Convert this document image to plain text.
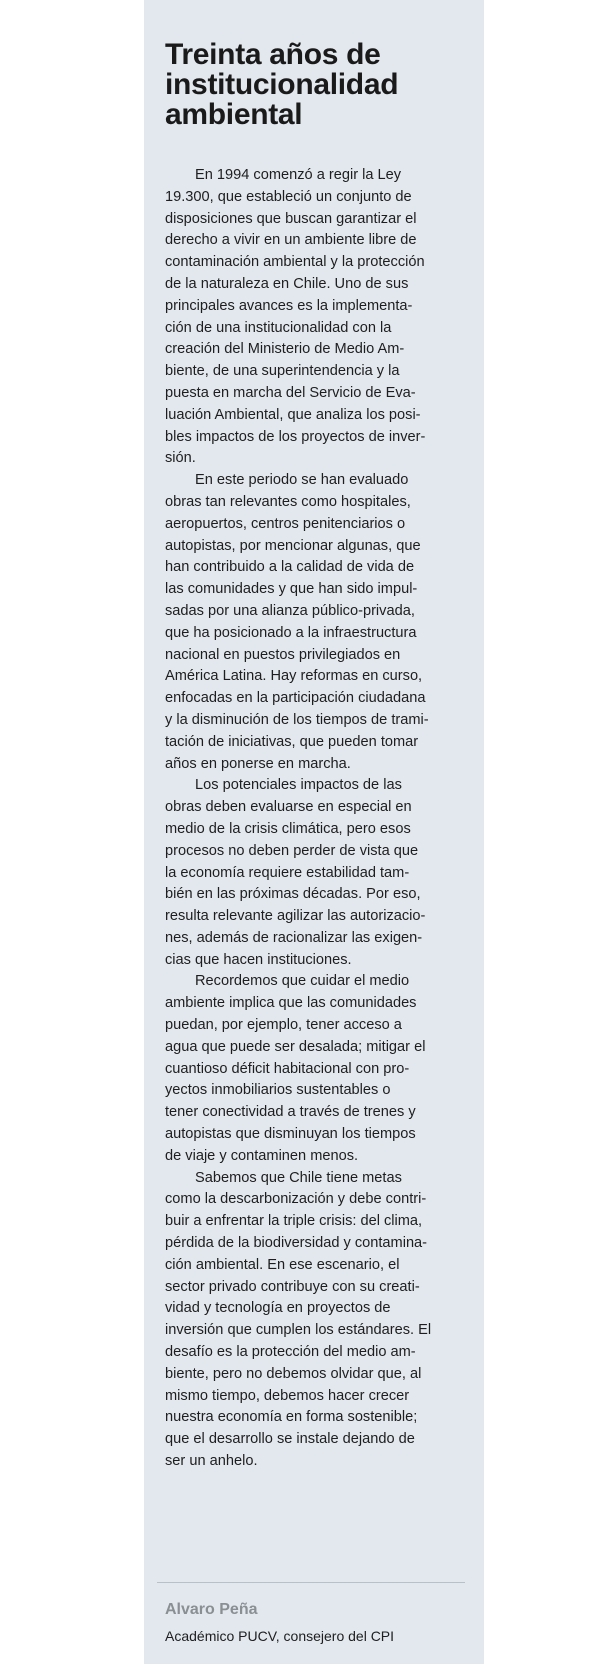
Treinta años de
institucionalidad
ambiental
En 1994 comenzó a regir la Ley
19.300, que estableció un conjunto de
disposiciones que buscan garantizar el
derecho a vivir en un ambiente libre de
contaminación ambiental y la protección
de la naturaleza en Chile. Uno de sus
principales avances es la implementa-
ción de una institucionalidad con la
creación del Ministerio de Medio Am-
biente, de una superintendencia y la
puesta en marcha del Servicio de Eva-
luación Ambiental, que analiza los posi-
bles impactos de los proyectos de inver-
sión.
En este periodo se han evaluado
obras tan relevantes como hospitales,
aeropuertos, centros penitenciarios o
autopistas, por mencionar algunas, que
han contribuido a la calidad de vida de
las comunidades y que han sido impul-
sadas por una alianza público-privada,
que ha posicionado a la infraestructura
nacional en puestos privilegiados en
América Latina. Hay reformas en curso,
enfocadas en la participación ciudadana
y la disminución de los tiempos de trami-
tación de iniciativas, que pueden tomar
años en ponerse en marcha.
Los potenciales impactos de las
obras deben evaluarse en especial en
medio de la crisis climática, pero esos
procesos no deben perder de vista que
la economía requiere estabilidad tam-
bién en las próximas décadas. Por eso,
resulta relevante agilizar las autorizacio-
nes, además de racionalizar las exigen-
cias que hacen instituciones.
Recordemos que cuidar el medio
ambiente implica que las comunidades
puedan, por ejemplo, tener acceso a
agua que puede ser desalada; mitigar el
cuantioso déficit habitacional con pro-
yectos inmobiliarios sustentables o
tener conectividad a través de trenes y
autopistas que disminuyan los tiempos
de viaje y contaminen menos.
Sabemos que Chile tiene metas
como la descarbonización y debe contri-
buir a enfrentar la triple crisis: del clima,
pérdida de la biodiversidad y contamina-
ción ambiental. En ese escenario, el
sector privado contribuye con su creati-
vidad y tecnología en proyectos de
inversión que cumplen los estándares. El
desafío es la protección del medio am-
biente, pero no debemos olvidar que, al
mismo tiempo, debemos hacer crecer
nuestra economía en forma sostenible;
que el desarrollo se instale dejando de
ser un anhelo.
Alvaro Peña
Académico PUCV, consejero del CPI
